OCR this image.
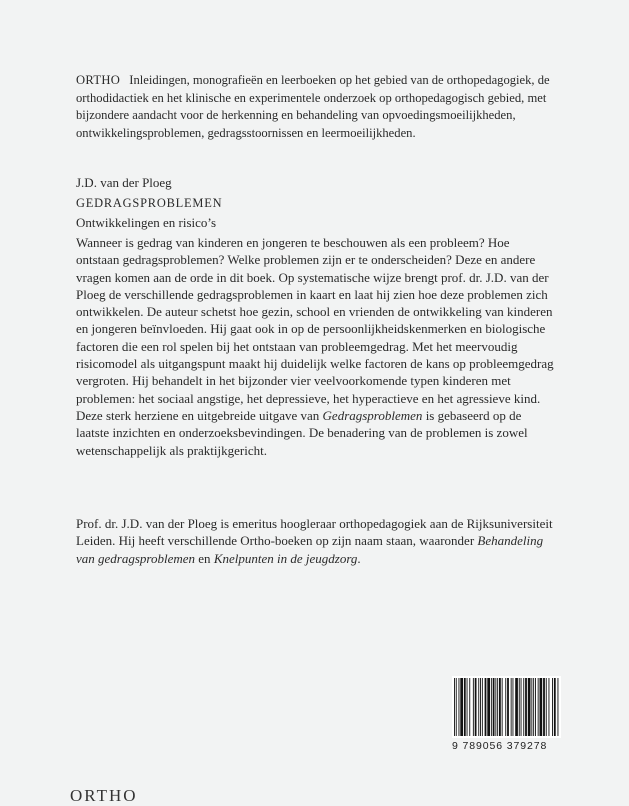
ORTHO Inleidingen, monografieën en leerboeken op het gebied van de orthopedagogiek, de orthodidactiek en het klinische en experimentele onderzoek op orthopedagogisch gebied, met bijzondere aandacht voor de herkenning en behandeling van opvoedingsmoeilijkheden, ontwikkelingsproblemen, gedragsstoornissen en leermoeilijkheden.
J.D. van der Ploeg
GEDRAGSPROBLEMEN
Ontwikkelingen en risico’s

Wanneer is gedrag van kinderen en jongeren te beschouwen als een probleem? Hoe ontstaan gedragsproblemen? Welke problemen zijn er te onderscheiden? Deze en andere vragen komen aan de orde in dit boek. Op systematische wijze brengt prof. dr. J.D. van der Ploeg de verschillende gedragsproblemen in kaart en laat hij zien hoe deze problemen zich ontwikkelen. De auteur schetst hoe gezin, school en vrienden de ontwikkeling van kinderen en jongeren beïnvloeden. Hij gaat ook in op de persoonlijkheidskenmerken en biologische factoren die een rol spelen bij het ontstaan van probleemgedrag. Met het meervoudig risicomodel als uitgangspunt maakt hij duidelijk welke factoren de kans op probleemgedrag vergroten. Hij behandelt in het bijzonder vier veelvoorkomende typen kinderen met problemen: het sociaal angstige, het depressieve, het hyperactieve en het agressieve kind.

Deze sterk herziene en uitgebreide uitgave van Gedragsproblemen is gebaseerd op de laatste inzichten en onderzoeksbevindingen. De benadering van de problemen is zowel wetenschappelijk als praktijkgericht.

Prof. dr. J.D. van der Ploeg is emeritus hoogleraar orthopedagogiek aan de Rijksuniversiteit Leiden. Hij heeft verschillende Ortho-boeken op zijn naam staan, waaronder Behandeling van gedragsproblemen en Knelpunten in de jeugdzorg.

9 789056 379278
ORTHO
